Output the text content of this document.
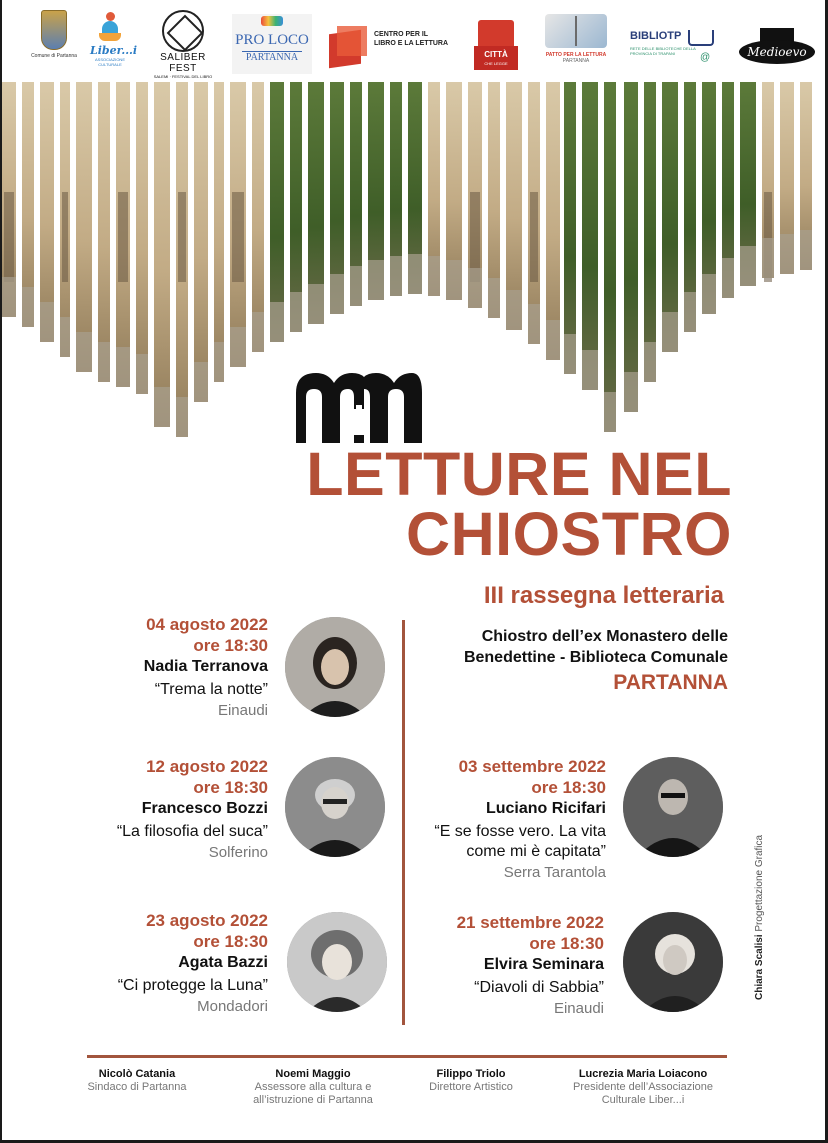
Comune di Partanna Liber...i
ASSOCIAZIONE CULTURALE
SALIBER FEST
SALEMI · FESTIVAL DEL LIBRO
PRO LOCO
PARTANNA
CENTRO PER IL LIBRO E LA LETTURA
CITTÀ
CHE LEGGE
PATTO PER LA LETTURA
PARTANNA
BIBLIOTP
RETE DELLE BIBLIOTECHE DELLA PROVINCIA DI TRAPANI	@	Medioevo
LETTURE NEL
CHIOSTRO
III rassegna letteraria
Chiostro dell’ex Monastero delle
Benedettine - Biblioteca Comunale
PARTANNA
04 agosto 2022
ore 18:30
Nadia Terranova
“Trema la notte”
Einaudi
12 agosto 2022
ore 18:30
Francesco Bozzi
“La filosofia del suca”
Solferino
23 agosto 2022
ore 18:30
Agata Bazzi
“Ci protegge la Luna”
Mondadori
03 settembre 2022
ore 18:30
Luciano Ricifari
“E se fosse vero. La vita
come mi è capitata”
Serra Tarantola
21 settembre 2022
ore 18:30
Elvira Seminara
“Diavoli di Sabbia”
Einaudi
Chiara Scalisi Progettazione Grafica
Nicolò Catania
Sindaco di Partanna
Noemi Maggio
Assessore alla cultura e
all’istruzione di Partanna
Filippo Triolo
Direttore Artistico
Lucrezia Maria Loiacono
Presidente dell’Associazione
Culturale Liber...i
